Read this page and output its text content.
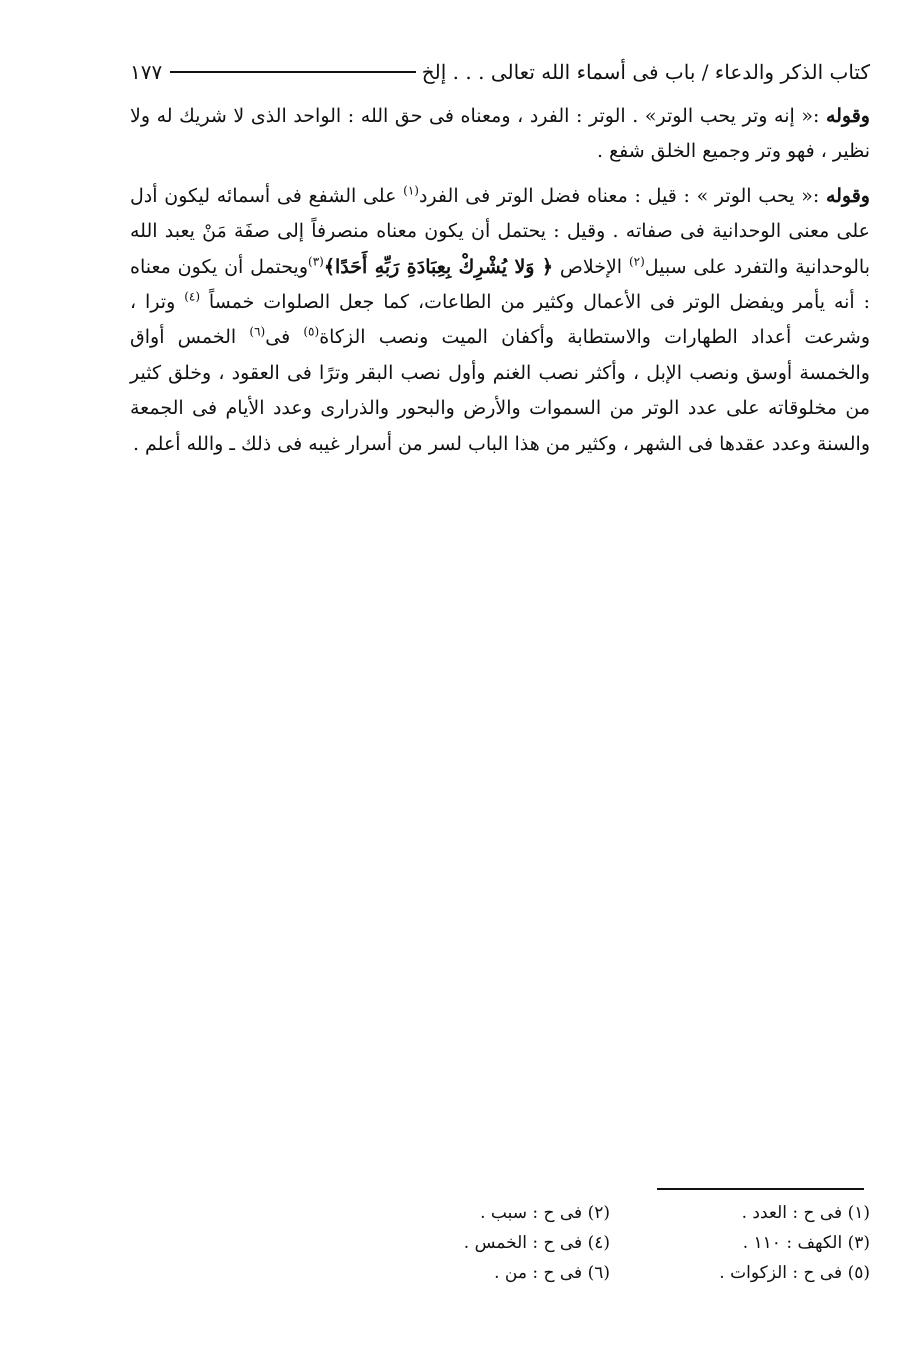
كتاب الذكر والدعاء / باب فى أسماء الله تعالى . . . إلخ
١٧٧

وقوله :« إنه وتر يحب الوتر» . الوتر : الفرد ، ومعناه فى حق الله : الواحد الذى لا شريك له ولا نظير ، فهو وتر وجميع الخلق شفع .

وقوله :« يحب الوتر » : قيل : معناه فضل الوتر فى الفرد$^{(١)}$ على الشفع فى أسمائه ليكون أدل على معنى الوحدانية فى صفاته . وقيل : يحتمل أن يكون معناه منصرفاً إلى صفَة مَنْ يعبد الله بالوحدانية والتفرد على سبيل$^{(٢)}$ الإخلاص ﴿ وَلا يُشْرِكْ بِعِبَادَةِ رَبِّهِ أَحَدًا﴾$^{(٣)}$ويحتمل أن يكون معناه : أنه يأمر ويفضل الوتر فى الأعمال وكثير من الطاعات، كما جعل الصلوات خمساً $^{(٤)}$ وترا ، وشرعت أعداد الطهارات والاستطابة وأكفان الميت ونصب الزكاة$^{(٥)}$ فى$^{(٦)}$ الخمس أواق والخمسة أوسق ونصب الإبل ، وأكثر نصب الغنم وأول نصب البقر وترًا فى العقود ، وخلق كثير من مخلوقاته على عدد الوتر من السموات والأرض والبحور والذرارى وعدد الأيام فى الجمعة والسنة وعدد عقدها فى الشهر ، وكثير من هذا الباب لسر من أسرار غيبه فى ذلك ـ والله أعلم .

(١) فى ح : العدد .
(٢) فى ح : سبب .
(٣) الكهف : ١١٠ .
(٤) فى ح : الخمس .
(٥) فى ح : الزكوات .
(٦) فى ح : من .
